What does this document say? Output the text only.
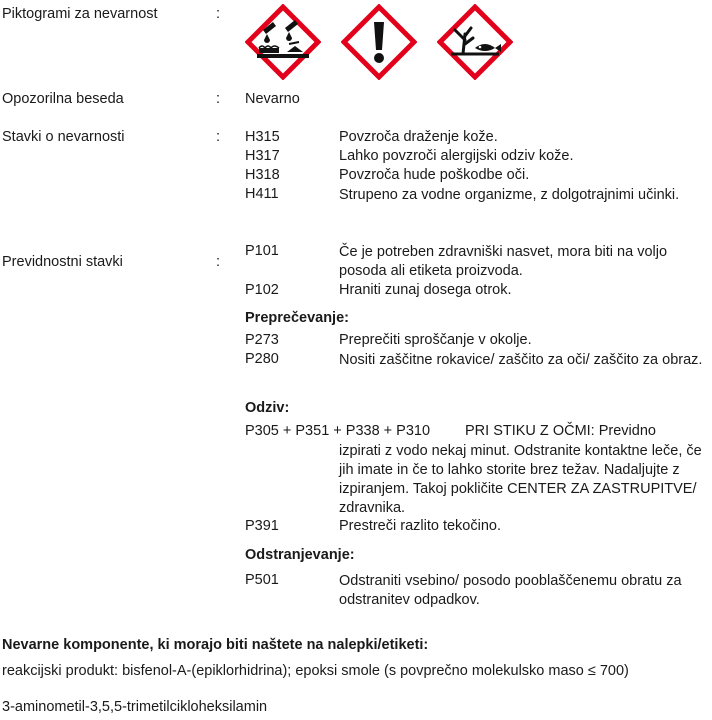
Piktogrami za nevarnost	:
Opozorilna beseda	: Nevarno
Stavki o nevarnosti	: H315	Povzroča draženje kože.
H317	Lahko povzroči alergijski odziv kože.
H318	Povzroča hude poškodbe oči.
H411	Strupeno za vodne organizme, z dolgotrajnimi učinki.
Previdnostni stavki	:
P101	Če je potreben zdravniški nasvet, mora biti na voljo posoda ali etiketa proizvoda.
P102	Hraniti zunaj dosega otrok.
Preprečevanje:
P273	Preprečiti sproščanje v okolje.
P280	Nositi zaščitne rokavice/ zaščito za oči/ zaščito za obraz.
Odziv:
P305 + P351 + P338 + P310 PRI STIKU Z OČMI: Previdno
izpirati z vodo nekaj minut. Odstranite kontaktne leče, če jih imate in če to lahko storite brez težav. Nadaljujte z izpiranjem. Takoj pokličite CENTER ZA ZASTRUPITVE/ zdravnika.
P391	Prestreči razlito tekočino.
Odstranjevanje:
P501	Odstraniti vsebino/ posodo pooblaščenemu obratu za odstranitev odpadkov.
Nevarne komponente, ki morajo biti naštete na nalepki/etiketi:
reakcijski produkt: bisfenol-A-(epiklorhidrina); epoksi smole (s povprečno molekulsko maso ≤ 700)
3-aminometil-3,5,5-trimetilcikloheksilamin
